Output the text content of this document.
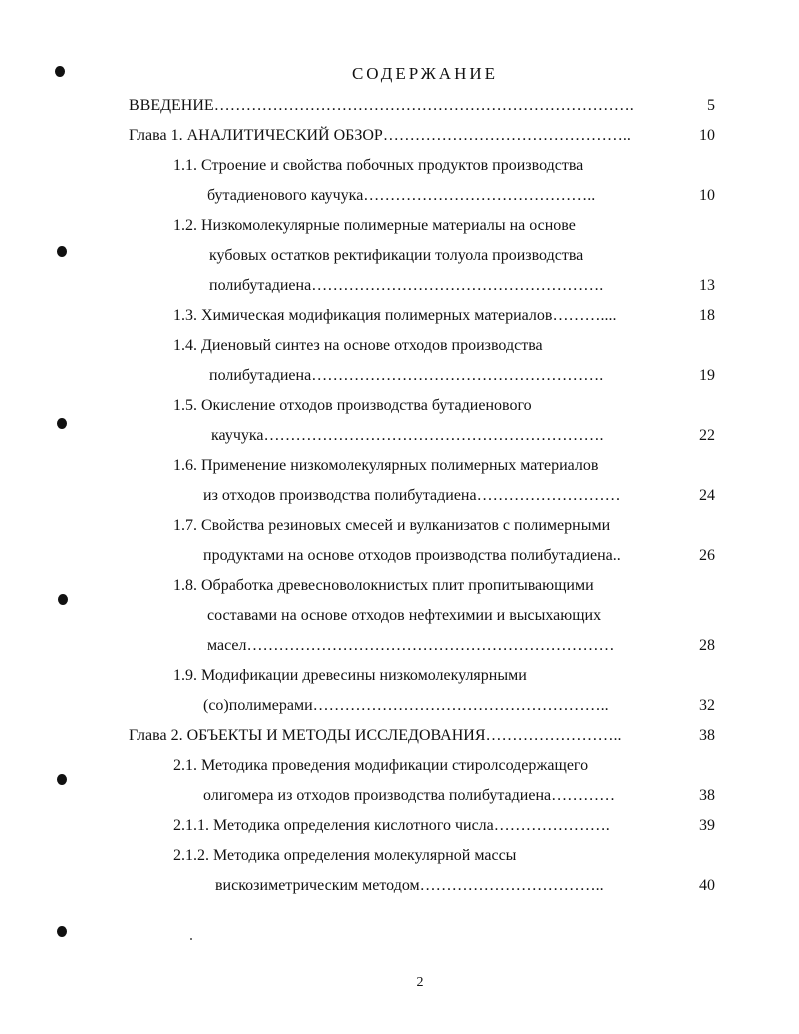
СОДЕРЖАНИЕ
ВВЕДЕНИЕ…………………………………………………………………….	5
Глава 1. АНАЛИТИЧЕСКИЙ ОБЗОР………………………………………..	10
1.1. Строение и свойства побочных продуктов производства
бутадиенового каучука……………………………………..	10
1.2. Низкомолекулярные полимерные материалы на основе
кубовых остатков ректификации толуола производства
полибутадиена……………………………………………….	13
1.3. Химическая модификация полимерных материалов………....	18
1.4. Диеновый синтез на основе отходов производства
полибутадиена……………………………………………….	19
1.5. Окисление отходов производства бутадиенового
каучука……………………………………………………….	22
1.6. Применение низкомолекулярных полимерных материалов
из отходов производства полибутадиена………………………	24
1.7. Свойства резиновых смесей и вулканизатов с полимерными
продуктами на основе отходов производства полибутадиена..	26
1.8. Обработка древесноволокнистых плит пропитывающими
составами на основе отходов нефтехимии и высыхающих
масел……………………………………………………………	28
1.9. Модификации древесины низкомолекулярными
(со)полимерами………………………………………………..	32
Глава 2. ОБЪЕКТЫ И МЕТОДЫ ИССЛЕДОВАНИЯ……………………..	38
2.1. Методика проведения модификации стиролсодержащего
олигомера из отходов производства полибутадиена…………	38
2.1.1. Методика определения кислотного числа………………….	39
2.1.2. Методика определения молекулярной массы
вискозиметрическим методом……………………………..	40
2
